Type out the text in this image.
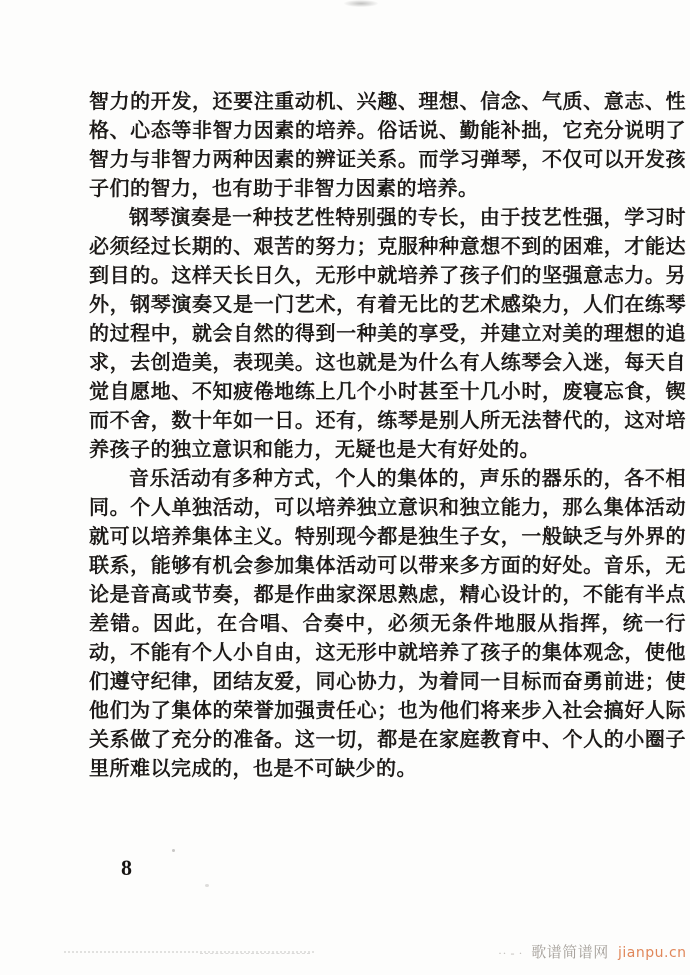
智力的开发，还要注重动机、兴趣、理想、信念、气质、意志、性格、心态等非智力因素的培养。俗话说、勤能补拙，它充分说明了智力与非智力两种因素的辨证关系。而学习弹琴，不仅可以开发孩子们的智力，也有助于非智力因素的培养。

钢琴演奏是一种技艺性特别强的专长，由于技艺性强，学习时必须经过长期的、艰苦的努力；克服种种意想不到的困难，才能达到目的。这样天长日久，无形中就培养了孩子们的坚强意志力。另外，钢琴演奏又是一门艺术，有着无比的艺术感染力，人们在练琴的过程中，就会自然的得到一种美的享受，并建立对美的理想的追求，去创造美，表现美。这也就是为什么有人练琴会入迷，每天自觉自愿地、不知疲倦地练上几个小时甚至十几小时，废寝忘食，锲而不舍，数十年如一日。还有，练琴是别人所无法替代的，这对培养孩子的独立意识和能力，无疑也是大有好处的。

音乐活动有多种方式，个人的集体的，声乐的器乐的，各不相同。个人单独活动，可以培养独立意识和独立能力，那么集体活动就可以培养集体主义。特别现今都是独生子女，一般缺乏与外界的联系，能够有机会参加集体活动可以带来多方面的好处。音乐，无论是音高或节奏，都是作曲家深思熟虑，精心设计的，不能有半点差错。因此，在合唱、合奏中，必须无条件地服从指挥，统一行动，不能有个人小自由，这无形中就培养了孩子的集体观念，使他们遵守纪律，团结友爱，同心协力，为着同一目标而奋勇前进；使他们为了集体的荣誉加强责任心；也为他们将来步入社会搞好人际关系做了充分的准备。这一切，都是在家庭教育中、个人的小圈子里所难以完成的，也是不可缺少的。

8
·· - · 歌谱简谱网 jianpu.cn
